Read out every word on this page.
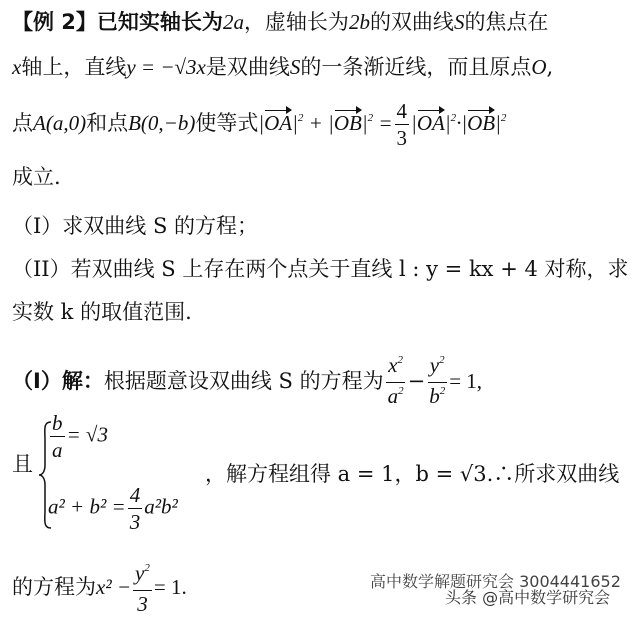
【例 2】已知实轴长为2a，虚轴长为2b的双曲线S的焦点在
x轴上，直线y = −√3x是双曲线S的一条渐近线，而且原点O,
点A(a,0)和点B(0,−b)使等式$|OA|^2 + |OB|^2 = \frac{4}{3} |OA|^2\cdot|OB|^2$
成立.
（I）求双曲线 S 的方程；
（II）若双曲线 S 上存在两个点关于直线 l : y = kx + 4 对称，求
实数 k 的取值范围.
（I）解：根据题意设双曲线 S 的方程为 $\frac{x^2}{a^2} - \frac{y^2}{b^2} = 1$,
且
$\frac{b}{a} = √3$
$a^2 + b^2 = \frac{4}{3} a^2b^2$
，解方程组得 a = 1，b = √3.∴所求双曲线
的方程为$x^2 - \frac{y^2}{3} = 1$.	高中数学解题研究会 3004441652
头条 @高中数学研究会
